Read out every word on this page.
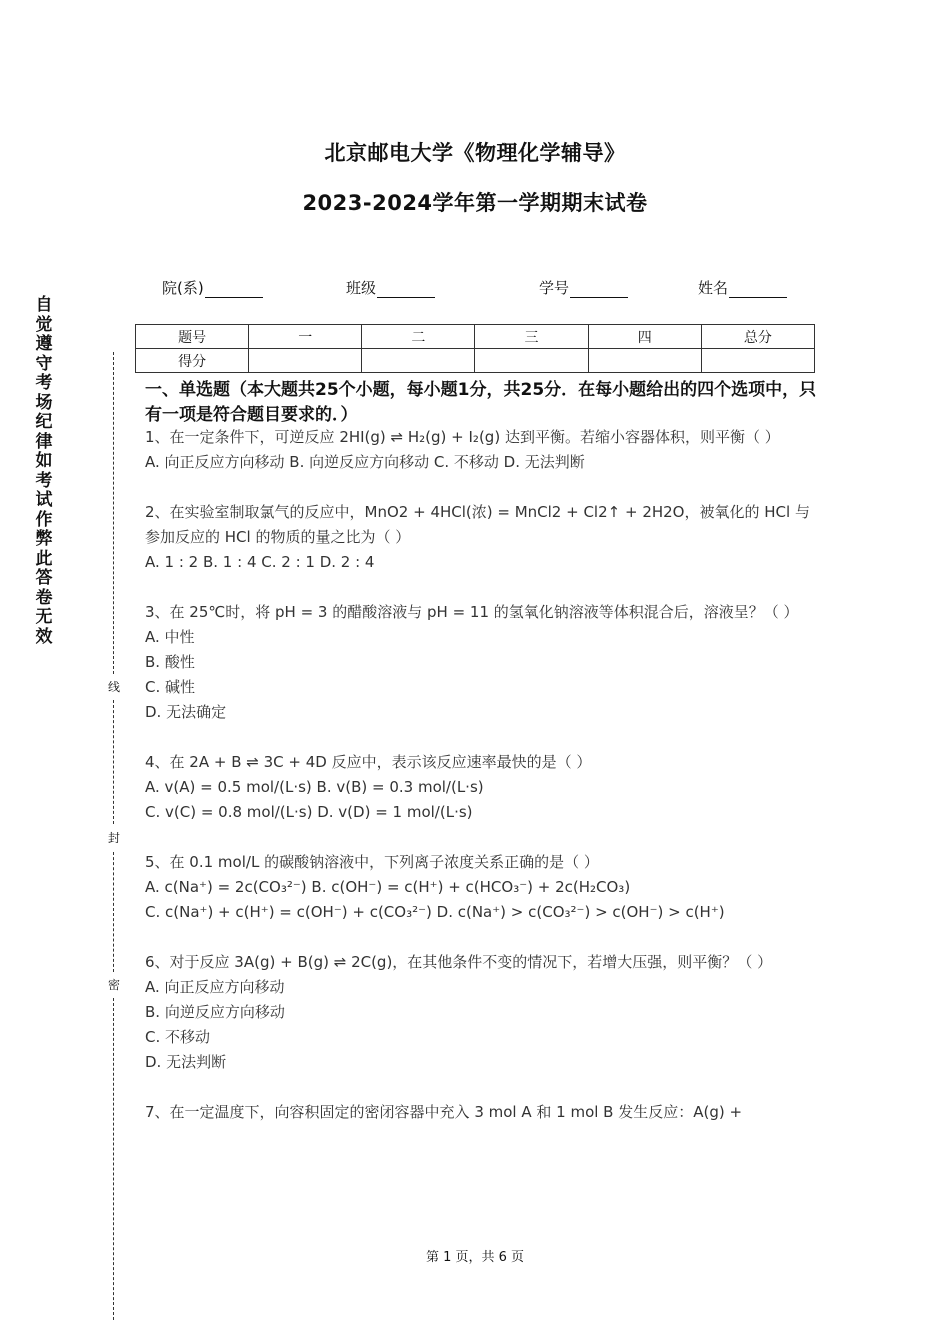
北京邮电大学《物理化学辅导》
2023-2024学年第一学期期末试卷
院(系)	班级	学号	姓名
自觉遵守考场纪律如考试作弊此答卷无效
线
封
密
题号	一	二	三	四	总分
得分					
一、单选题（本大题共25个小题，每小题1分，共25分．在每小题给出的四个选项中，只有一项是符合题目要求的．）

1、在一定条件下，可逆反应 2HI(g) ⇌ H₂(g) + I₂(g) 达到平衡。若缩小容器体积，则平衡（ ）

A. 向正反应方向移动 B. 向逆反应方向移动 C. 不移动 D. 无法判断

2、在实验室制取氯气的反应中，MnO2 + 4HCl(浓) = MnCl2 + Cl2↑ + 2H2O，被氧化的 HCl 与参加反应的 HCl 的物质的量之比为（ ）

A. 1 : 2 B. 1 : 4 C. 2 : 1 D. 2 : 4

3、在 25℃时，将 pH = 3 的醋酸溶液与 pH = 11 的氢氧化钠溶液等体积混合后，溶液呈？（ ）

A. 中性

B. 酸性

C. 碱性

D. 无法确定

4、在 2A + B ⇌ 3C + 4D 反应中，表示该反应速率最快的是（ ）

A. v(A) = 0.5 mol/(L·s) B. v(B) = 0.3 mol/(L·s)

C. v(C) = 0.8 mol/(L·s) D. v(D) = 1 mol/(L·s)

5、在 0.1 mol/L 的碳酸钠溶液中，下列离子浓度关系正确的是（ ）

A. c(Na⁺) = 2c(CO₃²⁻) B. c(OH⁻) = c(H⁺) + c(HCO₃⁻) + 2c(H₂CO₃)

C. c(Na⁺) + c(H⁺) = c(OH⁻) + c(CO₃²⁻) D. c(Na⁺) > c(CO₃²⁻) > c(OH⁻) > c(H⁺)

6、对于反应 3A(g) + B(g) ⇌ 2C(g)，在其他条件不变的情况下，若增大压强，则平衡？（ ）

A. 向正反应方向移动

B. 向逆反应方向移动

C. 不移动

D. 无法判断

7、在一定温度下，向容积固定的密闭容器中充入 3 mol A 和 1 mol B 发生反应：A(g) +

第 1 页，共 6 页
